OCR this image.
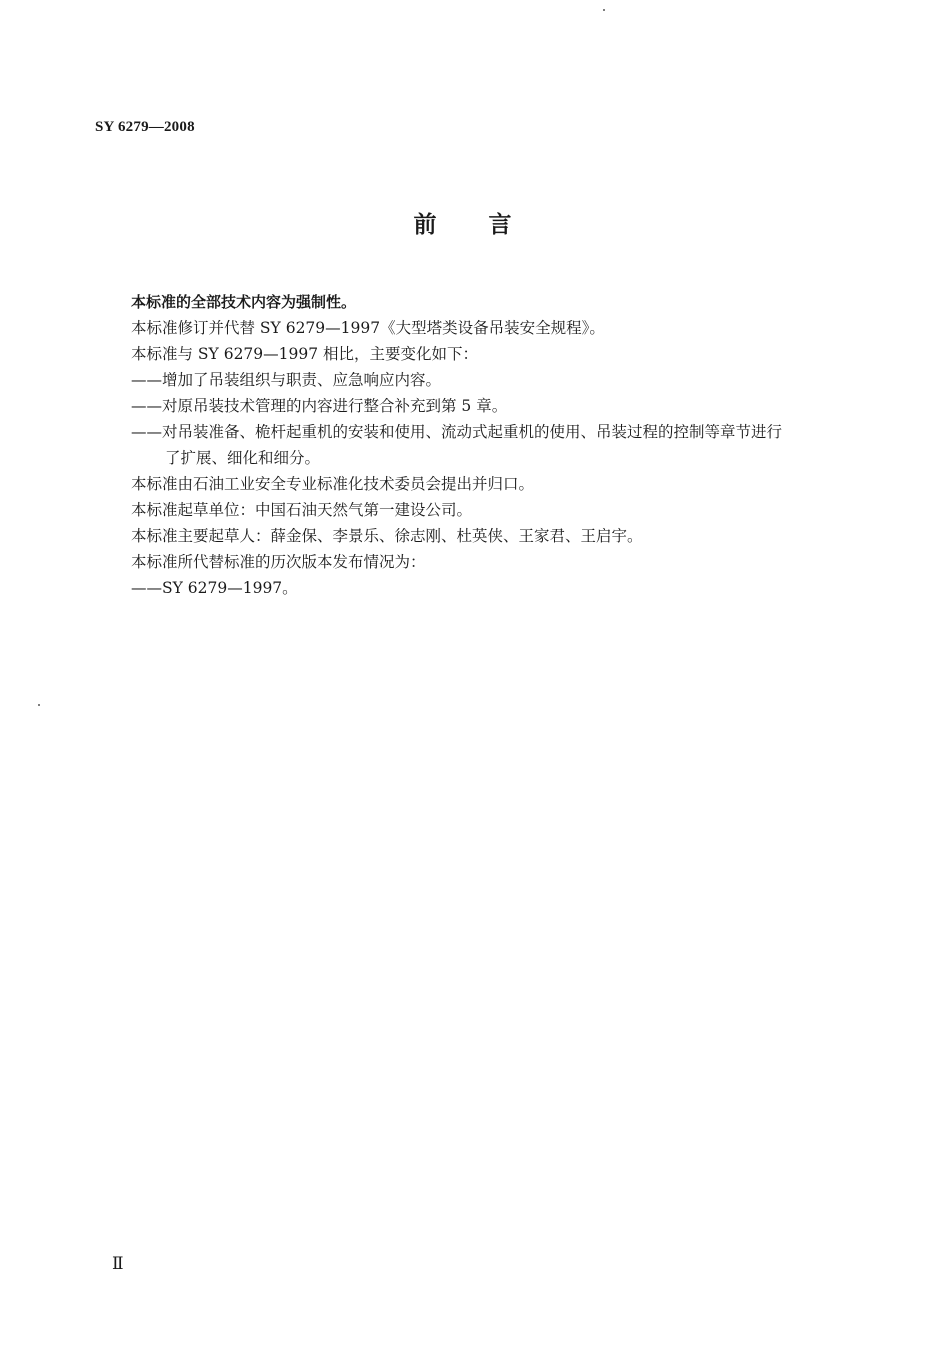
SY 6279—2008
前言
本标准的全部技术内容为强制性。
本标准修订并代替 SY 6279—1997《大型塔类设备吊装安全规程》。
本标准与 SY 6279—1997 相比，主要变化如下：
——增加了吊装组织与职责、应急响应内容。
——对原吊装技术管理的内容进行整合补充到第 5 章。
——对吊装准备、桅杆起重机的安装和使用、流动式起重机的使用、吊装过程的控制等章节进行
了扩展、细化和细分。
本标准由石油工业安全专业标准化技术委员会提出并归口。
本标准起草单位：中国石油天然气第一建设公司。
本标准主要起草人：薛金保、李景乐、徐志刚、杜英侠、王家君、王启宇。
本标准所代替标准的历次版本发布情况为：
——SY 6279—1997。
Ⅱ
